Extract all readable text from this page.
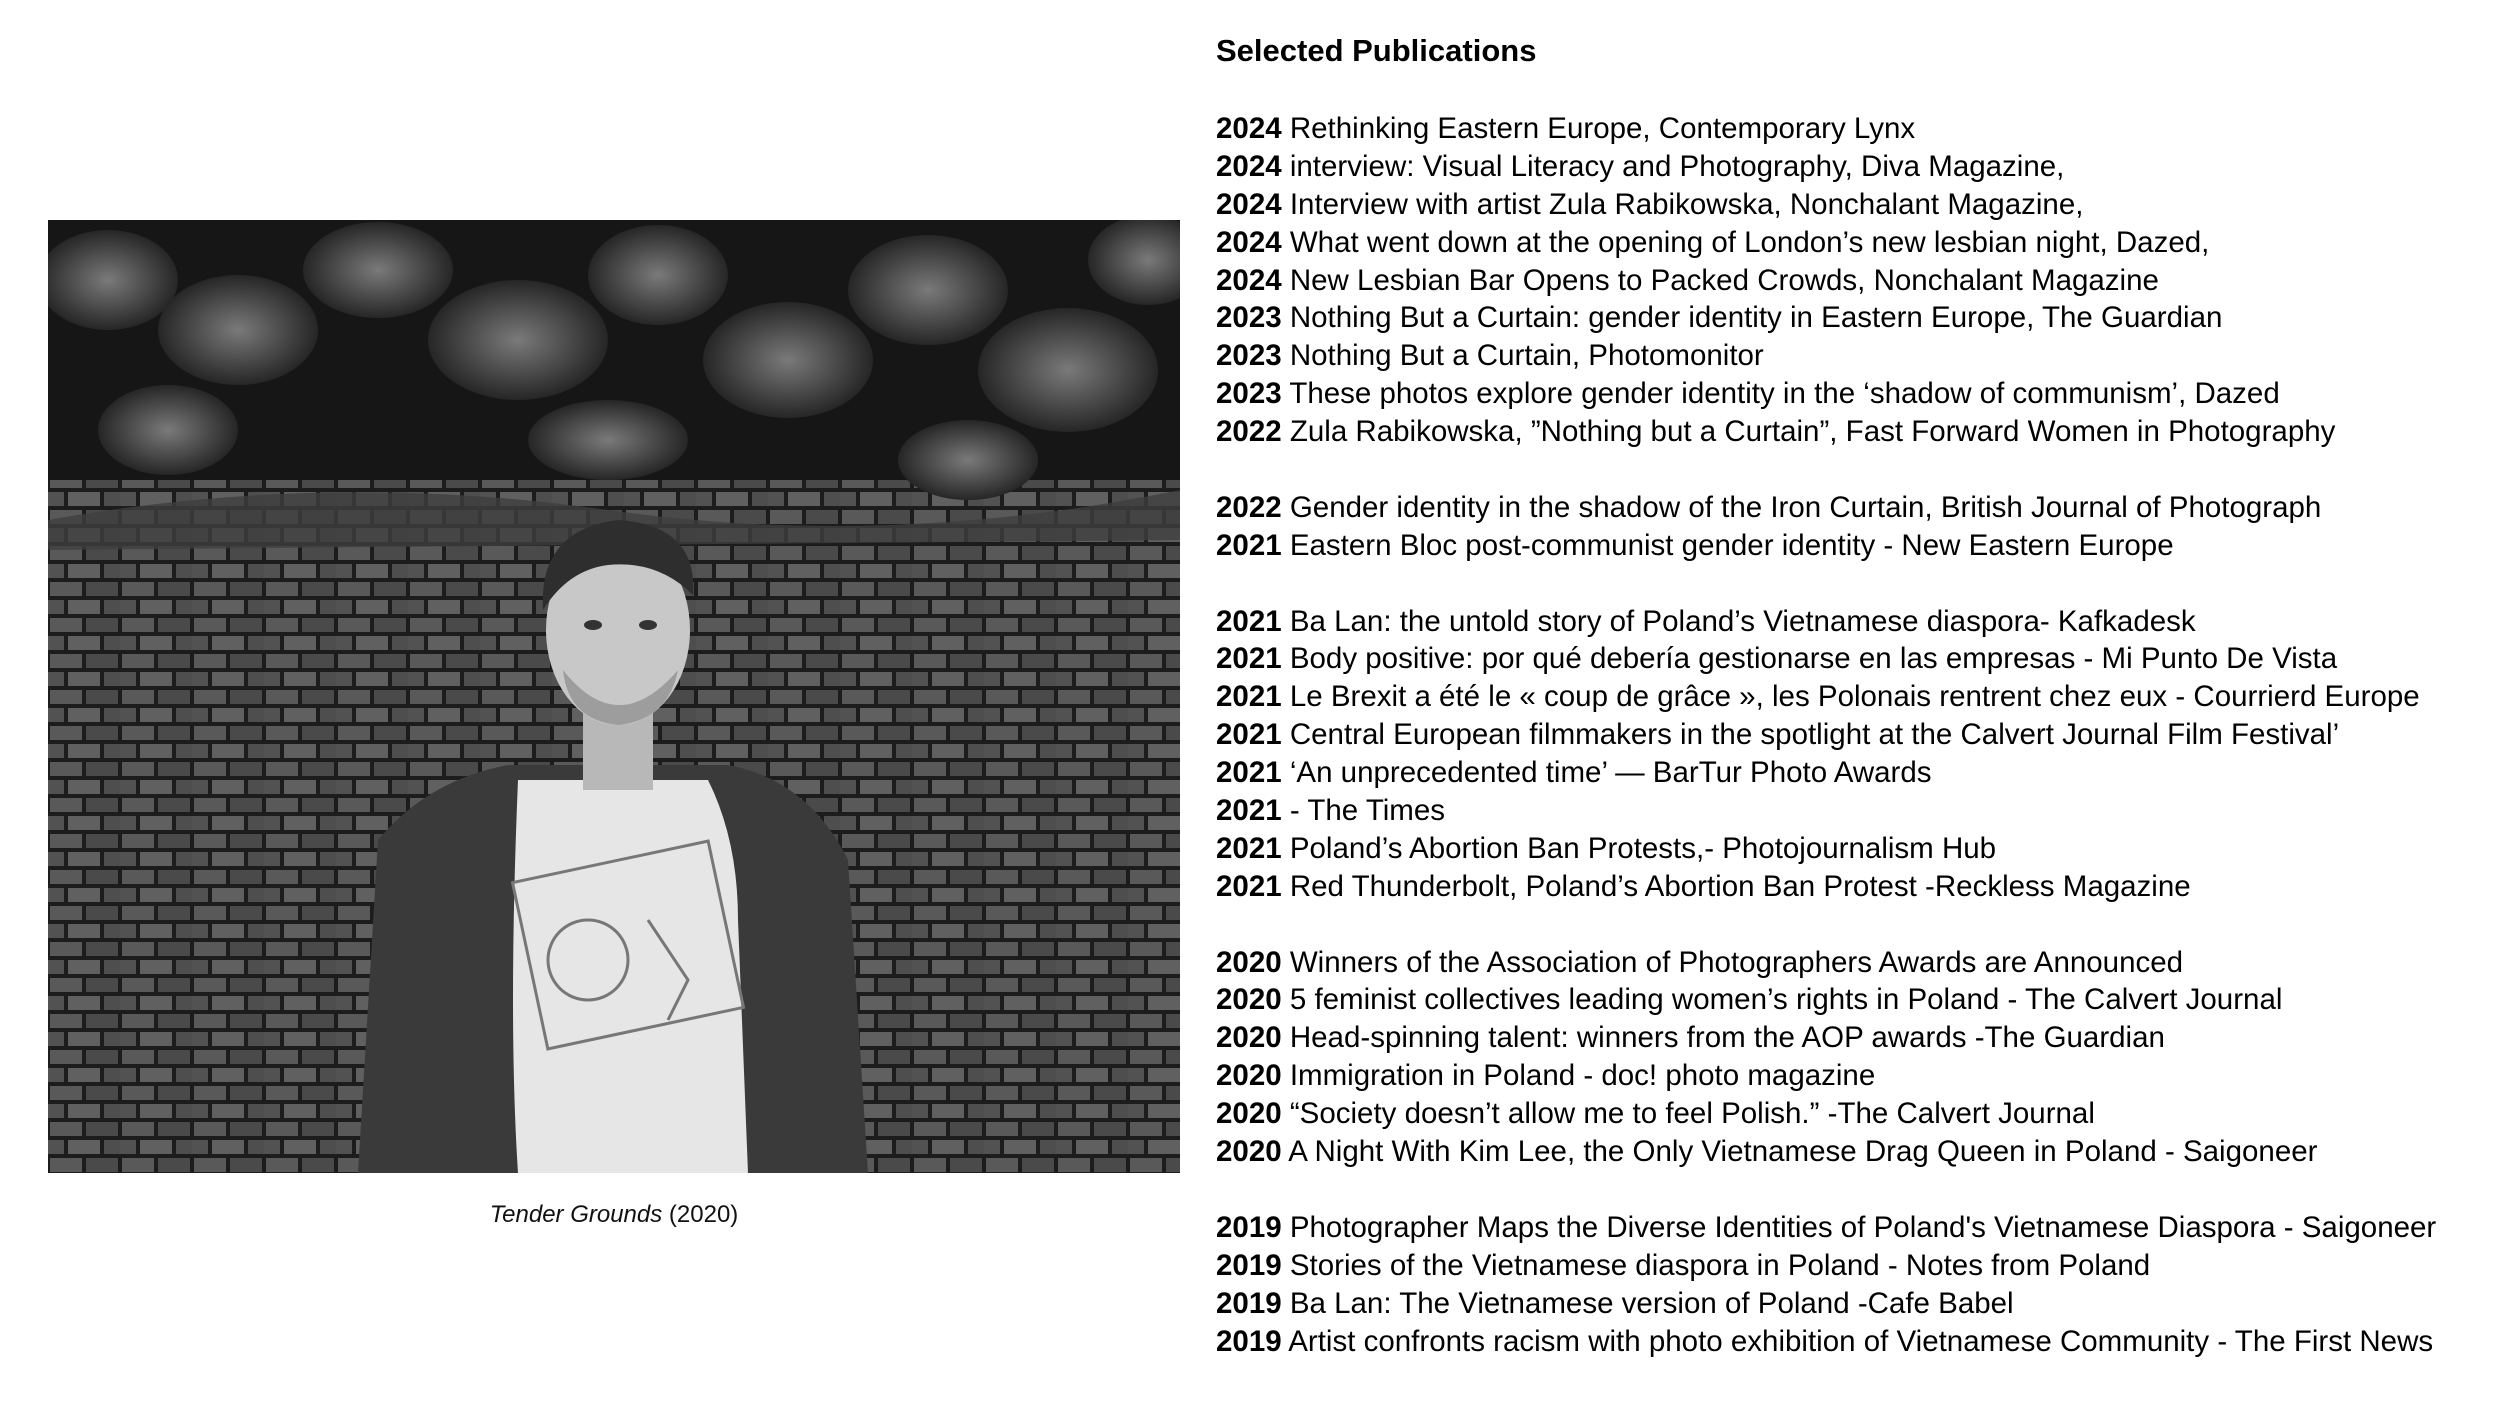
Tender Grounds (2020)
Selected Publications
2024 Rethinking Eastern Europe, Contemporary Lynx
2024 interview: Visual Literacy and Photography, Diva Magazine,
2024 Interview with artist Zula Rabikowska, Nonchalant Magazine,
2024 What went down at the opening of London’s new lesbian night, Dazed,
2024 New Lesbian Bar Opens to Packed Crowds, Nonchalant Magazine
2023 Nothing But a Curtain: gender identity in Eastern Europe, The Guardian
2023 Nothing But a Curtain, Photomonitor
2023 These photos explore gender identity in the ‘shadow of communism’, Dazed
2022 Zula Rabikowska, ”Nothing but a Curtain”, Fast Forward Women in Photography
2022 Gender identity in the shadow of the Iron Curtain, British Journal of Photograph
2021 Eastern Bloc post-communist gender identity - New Eastern Europe
2021 Ba Lan: the untold story of Poland’s Vietnamese diaspora- Kafkadesk
2021 Body positive: por qué debería gestionarse en las empresas - Mi Punto De Vista
2021 Le Brexit a été le « coup de grâce », les Polonais rentrent chez eux - Courrierd Europe
2021 Central European filmmakers in the spotlight at the Calvert Journal Film Festival’
2021 ‘An unprecedented time’ — BarTur Photo Awards
2021 - The Times
2021 Poland’s Abortion Ban Protests,- Photojournalism Hub
2021 Red Thunderbolt, Poland’s Abortion Ban Protest -Reckless Magazine
2020 Winners of the Association of Photographers Awards are Announced
2020 5 feminist collectives leading women’s rights in Poland - The Calvert Journal
2020 Head-spinning talent: winners from the AOP awards -The Guardian
2020 Immigration in Poland - doc! photo magazine
2020 “Society doesn’t allow me to feel Polish.” -The Calvert Journal
2020 A Night With Kim Lee, the Only Vietnamese Drag Queen in Poland - Saigoneer
2019 Photographer Maps the Diverse Identities of Poland's Vietnamese Diaspora - Saigoneer
2019 Stories of the Vietnamese diaspora in Poland - Notes from Poland
2019 Ba Lan: The Vietnamese version of Poland -Cafe Babel
2019 Artist confronts racism with photo exhibition of Vietnamese Community - The First News
